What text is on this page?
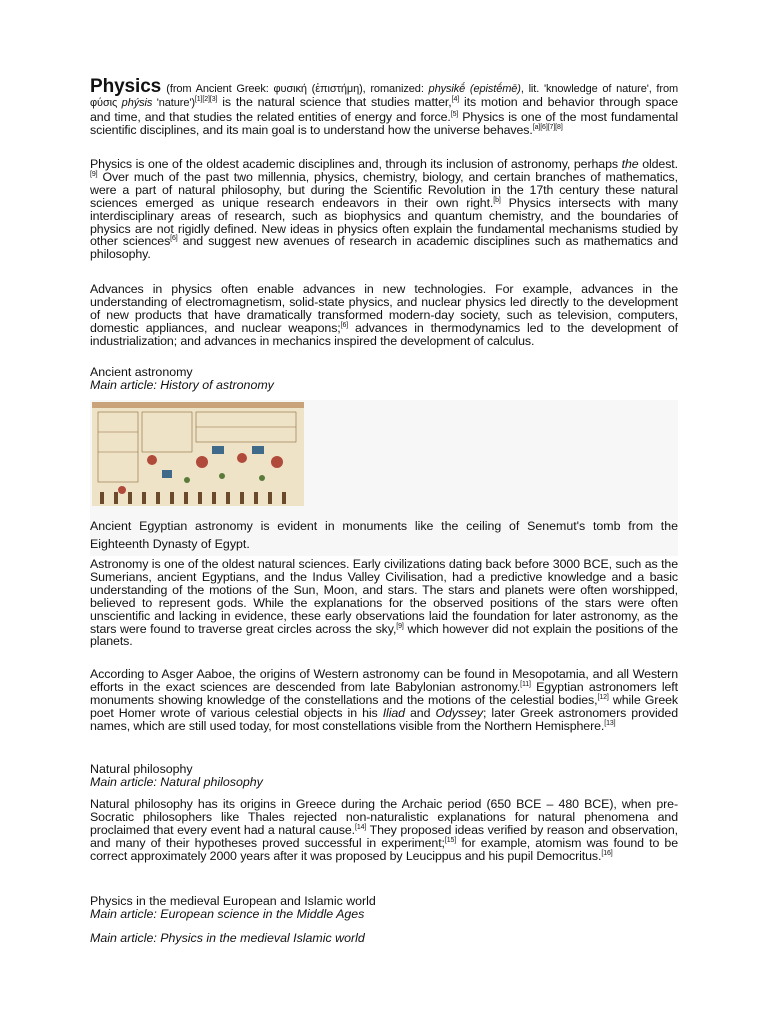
Physics (from Ancient Greek: φυσική (ἐπιστήμη), romanized: physikḗ (epistḗmē), lit. 'knowledge of nature', from φύσις phýsis 'nature')[1][2][3] is the natural science that studies matter,[4] its motion and behavior through space and time, and that studies the related entities of energy and force.[5] Physics is one of the most fundamental scientific disciplines, and its main goal is to understand how the universe behaves.[a][6][7][8]

Physics is one of the oldest academic disciplines and, through its inclusion of astronomy, perhaps the oldest.[9] Over much of the past two millennia, physics, chemistry, biology, and certain branches of mathematics, were a part of natural philosophy, but during the Scientific Revolution in the 17th century these natural sciences emerged as unique research endeavors in their own right.[b] Physics intersects with many interdisciplinary areas of research, such as biophysics and quantum chemistry, and the boundaries of physics are not rigidly defined. New ideas in physics often explain the fundamental mechanisms studied by other sciences[6] and suggest new avenues of research in academic disciplines such as mathematics and philosophy.

Advances in physics often enable advances in new technologies. For example, advances in the understanding of electromagnetism, solid-state physics, and nuclear physics led directly to the development of new products that have dramatically transformed modern-day society, such as television, computers, domestic appliances, and nuclear weapons;[6] advances in thermodynamics led to the development of industrialization; and advances in mechanics inspired the development of calculus.

Ancient astronomy
Main article: History of astronomy
Ancient Egyptian astronomy is evident in monuments like the ceiling of Senemut's tomb from the Eighteenth Dynasty of Egypt.

Astronomy is one of the oldest natural sciences. Early civilizations dating back before 3000 BCE, such as the Sumerians, ancient Egyptians, and the Indus Valley Civilisation, had a predictive knowledge and a basic understanding of the motions of the Sun, Moon, and stars. The stars and planets were often worshipped, believed to represent gods. While the explanations for the observed positions of the stars were often unscientific and lacking in evidence, these early observations laid the foundation for later astronomy, as the stars were found to traverse great circles across the sky,[9] which however did not explain the positions of the planets.

According to Asger Aaboe, the origins of Western astronomy can be found in Mesopotamia, and all Western efforts in the exact sciences are descended from late Babylonian astronomy.[11] Egyptian astronomers left monuments showing knowledge of the constellations and the motions of the celestial bodies,[12] while Greek poet Homer wrote of various celestial objects in his Iliad and Odyssey; later Greek astronomers provided names, which are still used today, for most constellations visible from the Northern Hemisphere.[13]

Natural philosophy
Main article: Natural philosophy

Natural philosophy has its origins in Greece during the Archaic period (650 BCE – 480 BCE), when pre-Socratic philosophers like Thales rejected non-naturalistic explanations for natural phenomena and proclaimed that every event had a natural cause.[14] They proposed ideas verified by reason and observation, and many of their hypotheses proved successful in experiment;[15] for example, atomism was found to be correct approximately 2000 years after it was proposed by Leucippus and his pupil Democritus.[16]

Physics in the medieval European and Islamic world
Main article: European science in the Middle Ages
Main article: Physics in the medieval Islamic world
